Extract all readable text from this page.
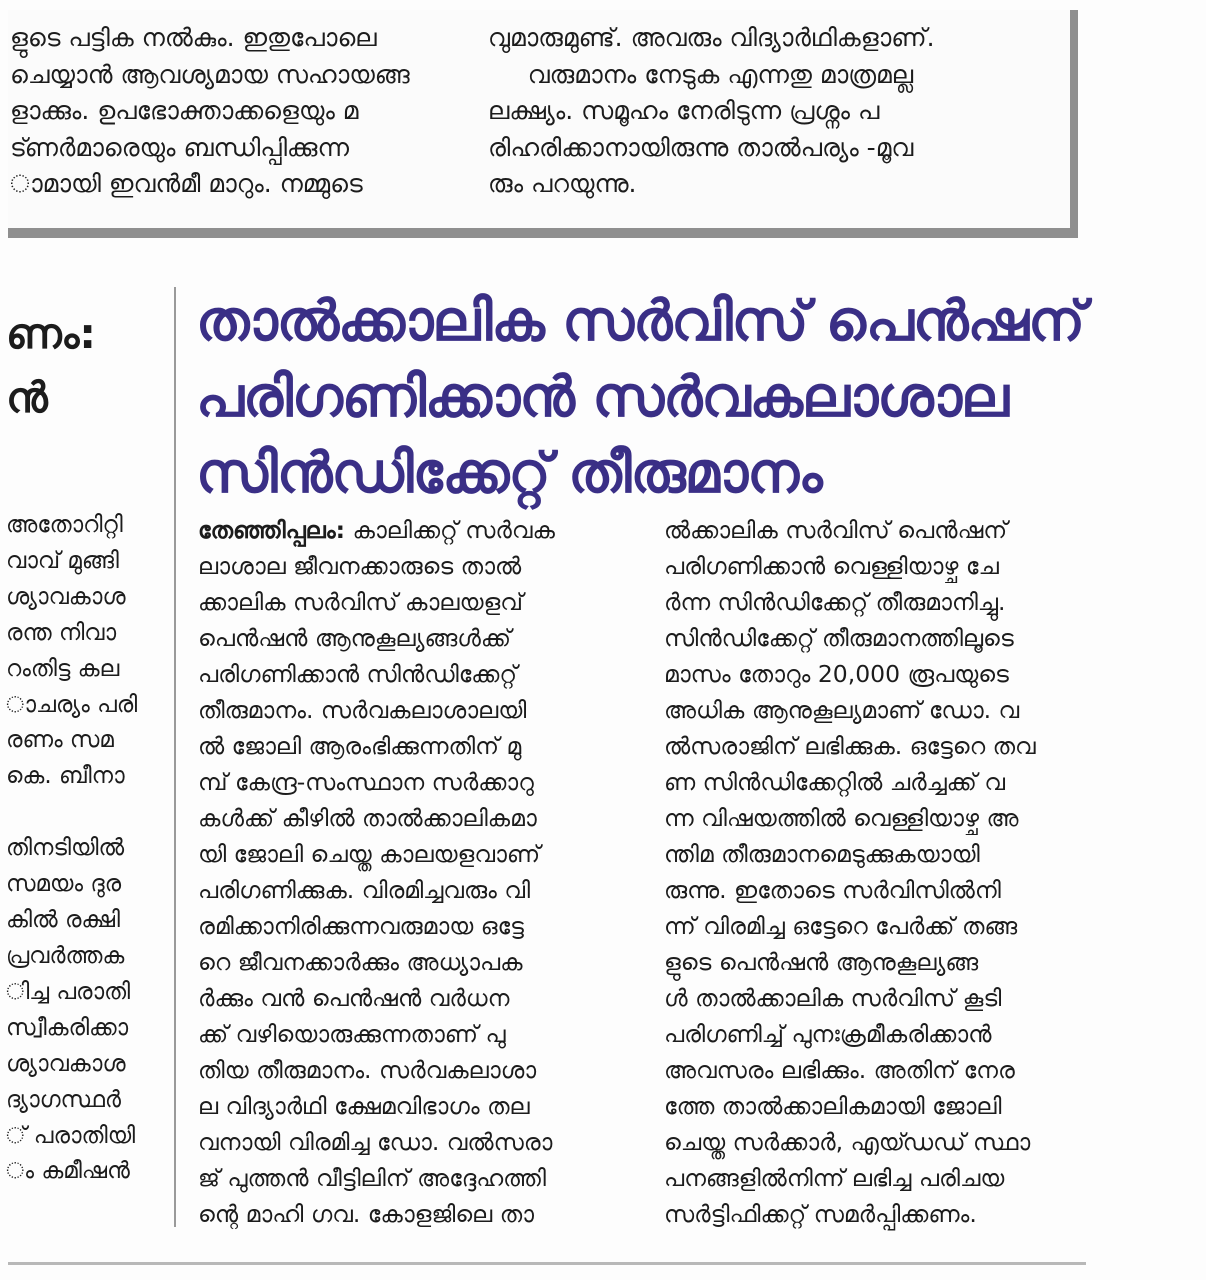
ളുടെ പട്ടിക നൽകും. ഇതുപോലെ
ചെയ്യാൻ ആവശ്യമായ സഹായങ്ങ
ളാക്കും. ഉപഭോക്താക്കളെയും മ
ട്ണർമാരെയും ബന്ധിപ്പിക്കുന്ന
ാമായി ഇവൻമീ മാറും. നമ്മുടെ
വുമാരുമുണ്ട്. അവരും വിദ്യാർഥികളാണ്.
വരുമാനം നേടുക എന്നതു മാത്രമല്ല
ലക്ഷ്യം. സമൂഹം നേരിടുന്ന പ്രശ്നം പ
രിഹരിക്കാനായിരുന്നു താൽപര്യം -മൂവ
രും പറയുന്നു.
ണം:
ൻ
അതോറിറ്റി
വാവ് മുങ്ങി
ശ്യാവകാശ
രന്ത നിവാ
റംതിട്ട കല
ാചര്യം പരി
രണം സമ
കെ. ബീനാ
തിനടിയിൽ
സമയം ദുര
കിൽ രക്ഷി
പ്രവർത്തക
ിച്ച പരാതി
സ്വീകരിക്കാ
ശ്യാവകാശ
ദ്യാഗസ്ഥർ
് പരാതിയി
ം കമീഷൻ
താൽക്കാലിക സർവിസ് പെൻഷന്
പരിഗണിക്കാൻ സർവകലാശാല
സിൻഡിക്കേറ്റ് തീരുമാനം
തേഞ്ഞിപ്പലം: കാലിക്കറ്റ് സർവക
ലാശാല ജീവനക്കാരുടെ താൽ
ക്കാലിക സർവിസ് കാലയളവ്
പെൻഷൻ ആനുകൂല്യങ്ങൾക്ക്
പരിഗണിക്കാൻ സിൻഡിക്കേറ്റ്
തീരുമാനം. സർവകലാശാലയി
ൽ ജോലി ആരംഭിക്കുന്നതിന് മു
മ്പ് കേന്ദ്ര-സംസ്ഥാന സർക്കാറു
കൾക്ക് കീഴിൽ താൽക്കാലികമാ
യി ജോലി ചെയ്ത കാലയളവാണ്
പരിഗണിക്കുക. വിരമിച്ചവരും വി
രമിക്കാനിരിക്കുന്നവരുമായ ഒട്ടേ
റെ ജീവനക്കാർക്കും അധ്യാപക
ർക്കും വൻ പെൻഷൻ വർധന
ക്ക് വഴിയൊരുക്കുന്നതാണ് പു
തിയ തീരുമാനം. സർവകലാശാ
ല വിദ്യാർഥി ക്ഷേമവിഭാഗം തല
വനായി വിരമിച്ച ഡോ. വൽസരാ
ജ് പുത്തൻ വീട്ടിലിന് അദ്ദേഹത്തി
ന്റെ മാഹി ഗവ. കോളജിലെ താ
ൽക്കാലിക സർവിസ് പെൻഷന്
പരിഗണിക്കാൻ വെള്ളിയാഴ്ച ചേ
ർന്ന സിൻഡിക്കേറ്റ് തീരുമാനിച്ചു.
സിൻഡിക്കേറ്റ് തീരുമാനത്തിലൂടെ
മാസം തോറും 20,000 രൂപയുടെ
അധിക ആനുകൂല്യമാണ് ഡോ. വ
ൽസരാജിന് ലഭിക്കുക. ഒട്ടേറെ തവ
ണ സിൻഡിക്കേറ്റിൽ ചർച്ചക്ക് വ
ന്ന വിഷയത്തിൽ വെള്ളിയാഴ്ച അ
ന്തിമ തീരുമാനമെടുക്കുകയായി
രുന്നു. ഇതോടെ സർവിസിൽനി
ന്ന് വിരമിച്ച ഒട്ടേറെ പേർക്ക് തങ്ങ
ളുടെ പെൻഷൻ ആനുകൂല്യങ്ങ
ൾ താൽക്കാലിക സർവിസ് കൂടി
പരിഗണിച്ച് പുനഃക്രമീകരിക്കാൻ
അവസരം ലഭിക്കും. അതിന് നേര
ത്തേ താൽക്കാലികമായി ജോലി
ചെയ്ത സർക്കാർ, എയ്ഡഡ് സ്ഥാ
പനങ്ങളിൽനിന്ന് ലഭിച്ച പരിചയ
സർട്ടിഫിക്കറ്റ് സമർപ്പിക്കണം.
